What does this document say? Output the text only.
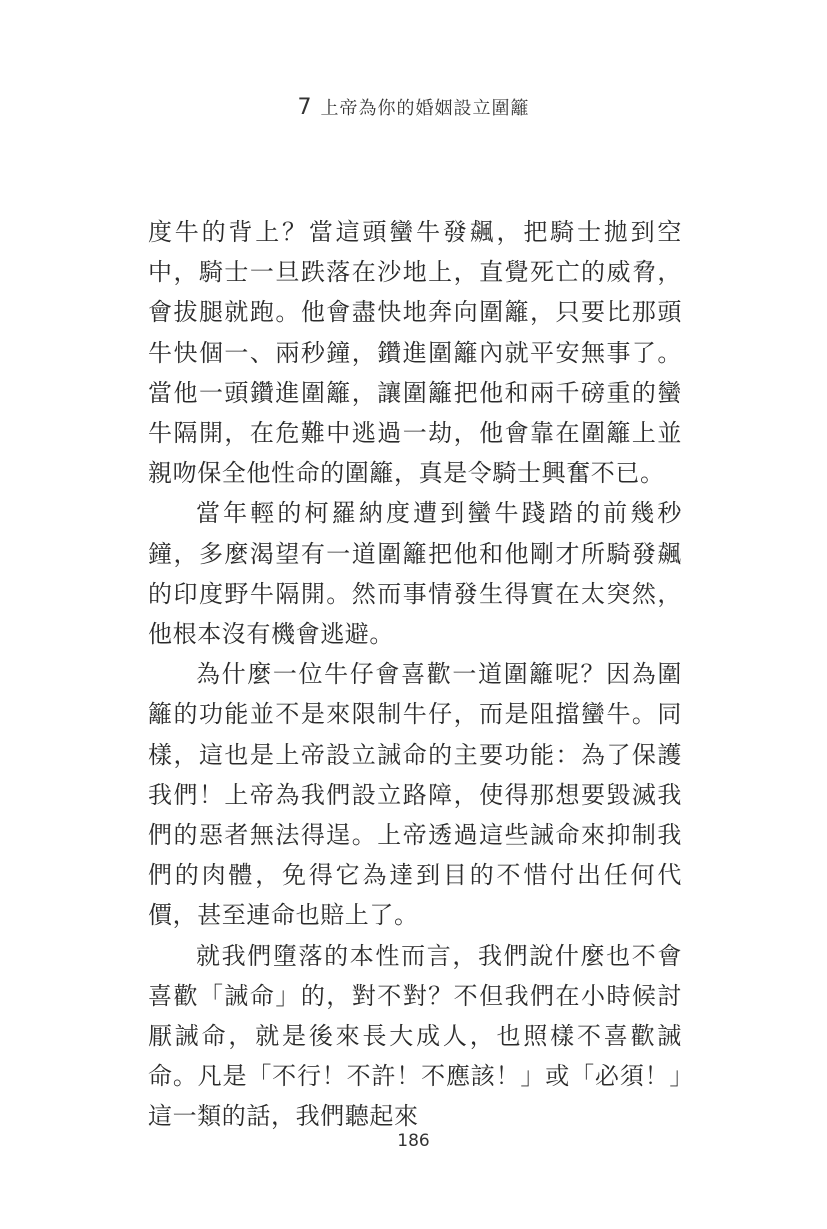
7 上帝為你的婚姻設立圍籬

度牛的背上？當這頭蠻牛發飆，把騎士拋到空中，騎士一旦跌落在沙地上，直覺死亡的威脅，會拔腿就跑。他會盡快地奔向圍籬，只要比那頭牛快個一、兩秒鐘，鑽進圍籬內就平安無事了。當他一頭鑽進圍籬，讓圍籬把他和兩千磅重的蠻牛隔開，在危難中逃過一劫，他會靠在圍籬上並親吻保全他性命的圍籬，真是令騎士興奮不已。

當年輕的柯羅納度遭到蠻牛踐踏的前幾秒鐘，多麼渴望有一道圍籬把他和他剛才所騎發飆的印度野牛隔開。然而事情發生得實在太突然，他根本沒有機會逃避。

為什麼一位牛仔會喜歡一道圍籬呢？因為圍籬的功能並不是來限制牛仔，而是阻擋蠻牛。同樣，這也是上帝設立誡命的主要功能：為了保護我們！上帝為我們設立路障，使得那想要毀滅我們的惡者無法得逞。上帝透過這些誡命來抑制我們的肉體，免得它為達到目的不惜付出任何代價，甚至連命也賠上了。

就我們墮落的本性而言，我們說什麼也不會喜歡「誡命」的，對不對？不但我們在小時候討厭誡命，就是後來長大成人，也照樣不喜歡誡命。凡是「不行！不許！不應該！」或「必須！」這一類的話，我們聽起來

186
